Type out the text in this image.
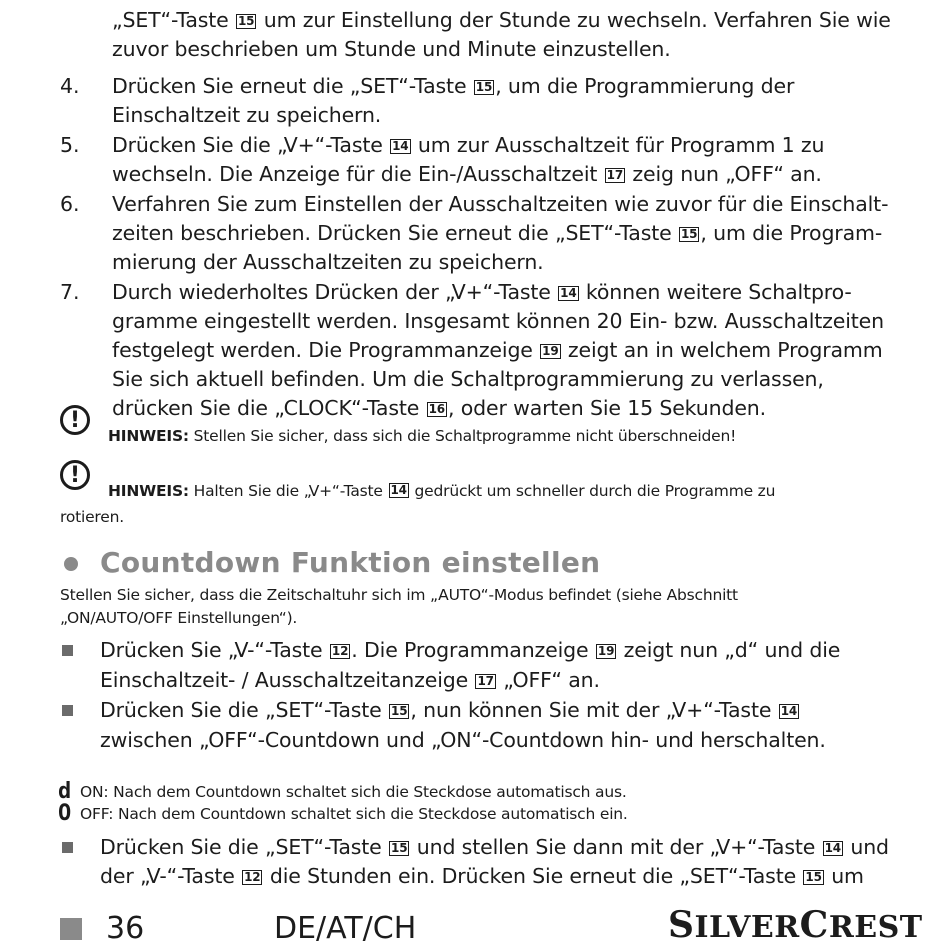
„SET“-Taste 15 um zur Einstellung der Stunde zu wechseln. Verfahren Sie wie
zuvor beschrieben um Stunde und Minute einzustellen.
4. Drücken Sie erneut die „SET“-Taste 15 , um die Programmierung der
Einschaltzeit zu speichern.
5. Drücken Sie die „V+“-Taste 14 um zur Ausschaltzeit für Programm 1 zu
wechseln. Die Anzeige für die Ein-/Ausschaltzeit 17 zeig nun „OFF“ an.
6. Verfahren Sie zum Einstellen der Ausschaltzeiten wie zuvor für die Einschalt-
zeiten beschrieben. Drücken Sie erneut die „SET“-Taste 15 , um die Program-
mierung der Ausschaltzeiten zu speichern.
7. Durch wiederholtes Drücken der „V+“-Taste 14 können weitere Schaltpro-
gramme eingestellt werden. Insgesamt können 20 Ein- bzw. Ausschaltzeiten
festgelegt werden. Die Programmanzeige 19 zeigt an in welchem Programm
Sie sich aktuell befinden. Um die Schaltprogrammierung zu verlassen,
drücken Sie die „CLOCK“-Taste 16 , oder warten Sie 15 Sekunden.
!
HINWEIS: Stellen Sie sicher, dass sich die Schaltprogramme nicht überschneiden!
!
HINWEIS: Halten Sie die „V+“-Taste 14 gedrückt um schneller durch die Programme zu
rotieren.
Countdown Funktion einstellen
Stellen Sie sicher, dass die Zeitschaltuhr sich im „AUTO“-Modus befindet (siehe Abschnitt
„ON/AUTO/OFF Einstellungen“).
Drücken Sie „V-“-Taste 12 . Die Programmanzeige 19 zeigt nun „d“ und die
Einschaltzeit- / Ausschaltzeitanzeige 17 „OFF“ an.
Drücken Sie die „SET“-Taste 15 , nun können Sie mit der „V+“-Taste 14
zwischen „OFF“-Countdown und „ON“-Countdown hin- und herschalten.
d ON: Nach dem Countdown schaltet sich die Steckdose automatisch aus.
O OFF: Nach dem Countdown schaltet sich die Steckdose automatisch ein.
Drücken Sie die „SET“-Taste 15 und stellen Sie dann mit der „V+“-Taste 14 und
der „V-“-Taste 12 die Stunden ein. Drücken Sie erneut die „SET“-Taste 15 um
36	DE/AT/CH	SILVERCREST
